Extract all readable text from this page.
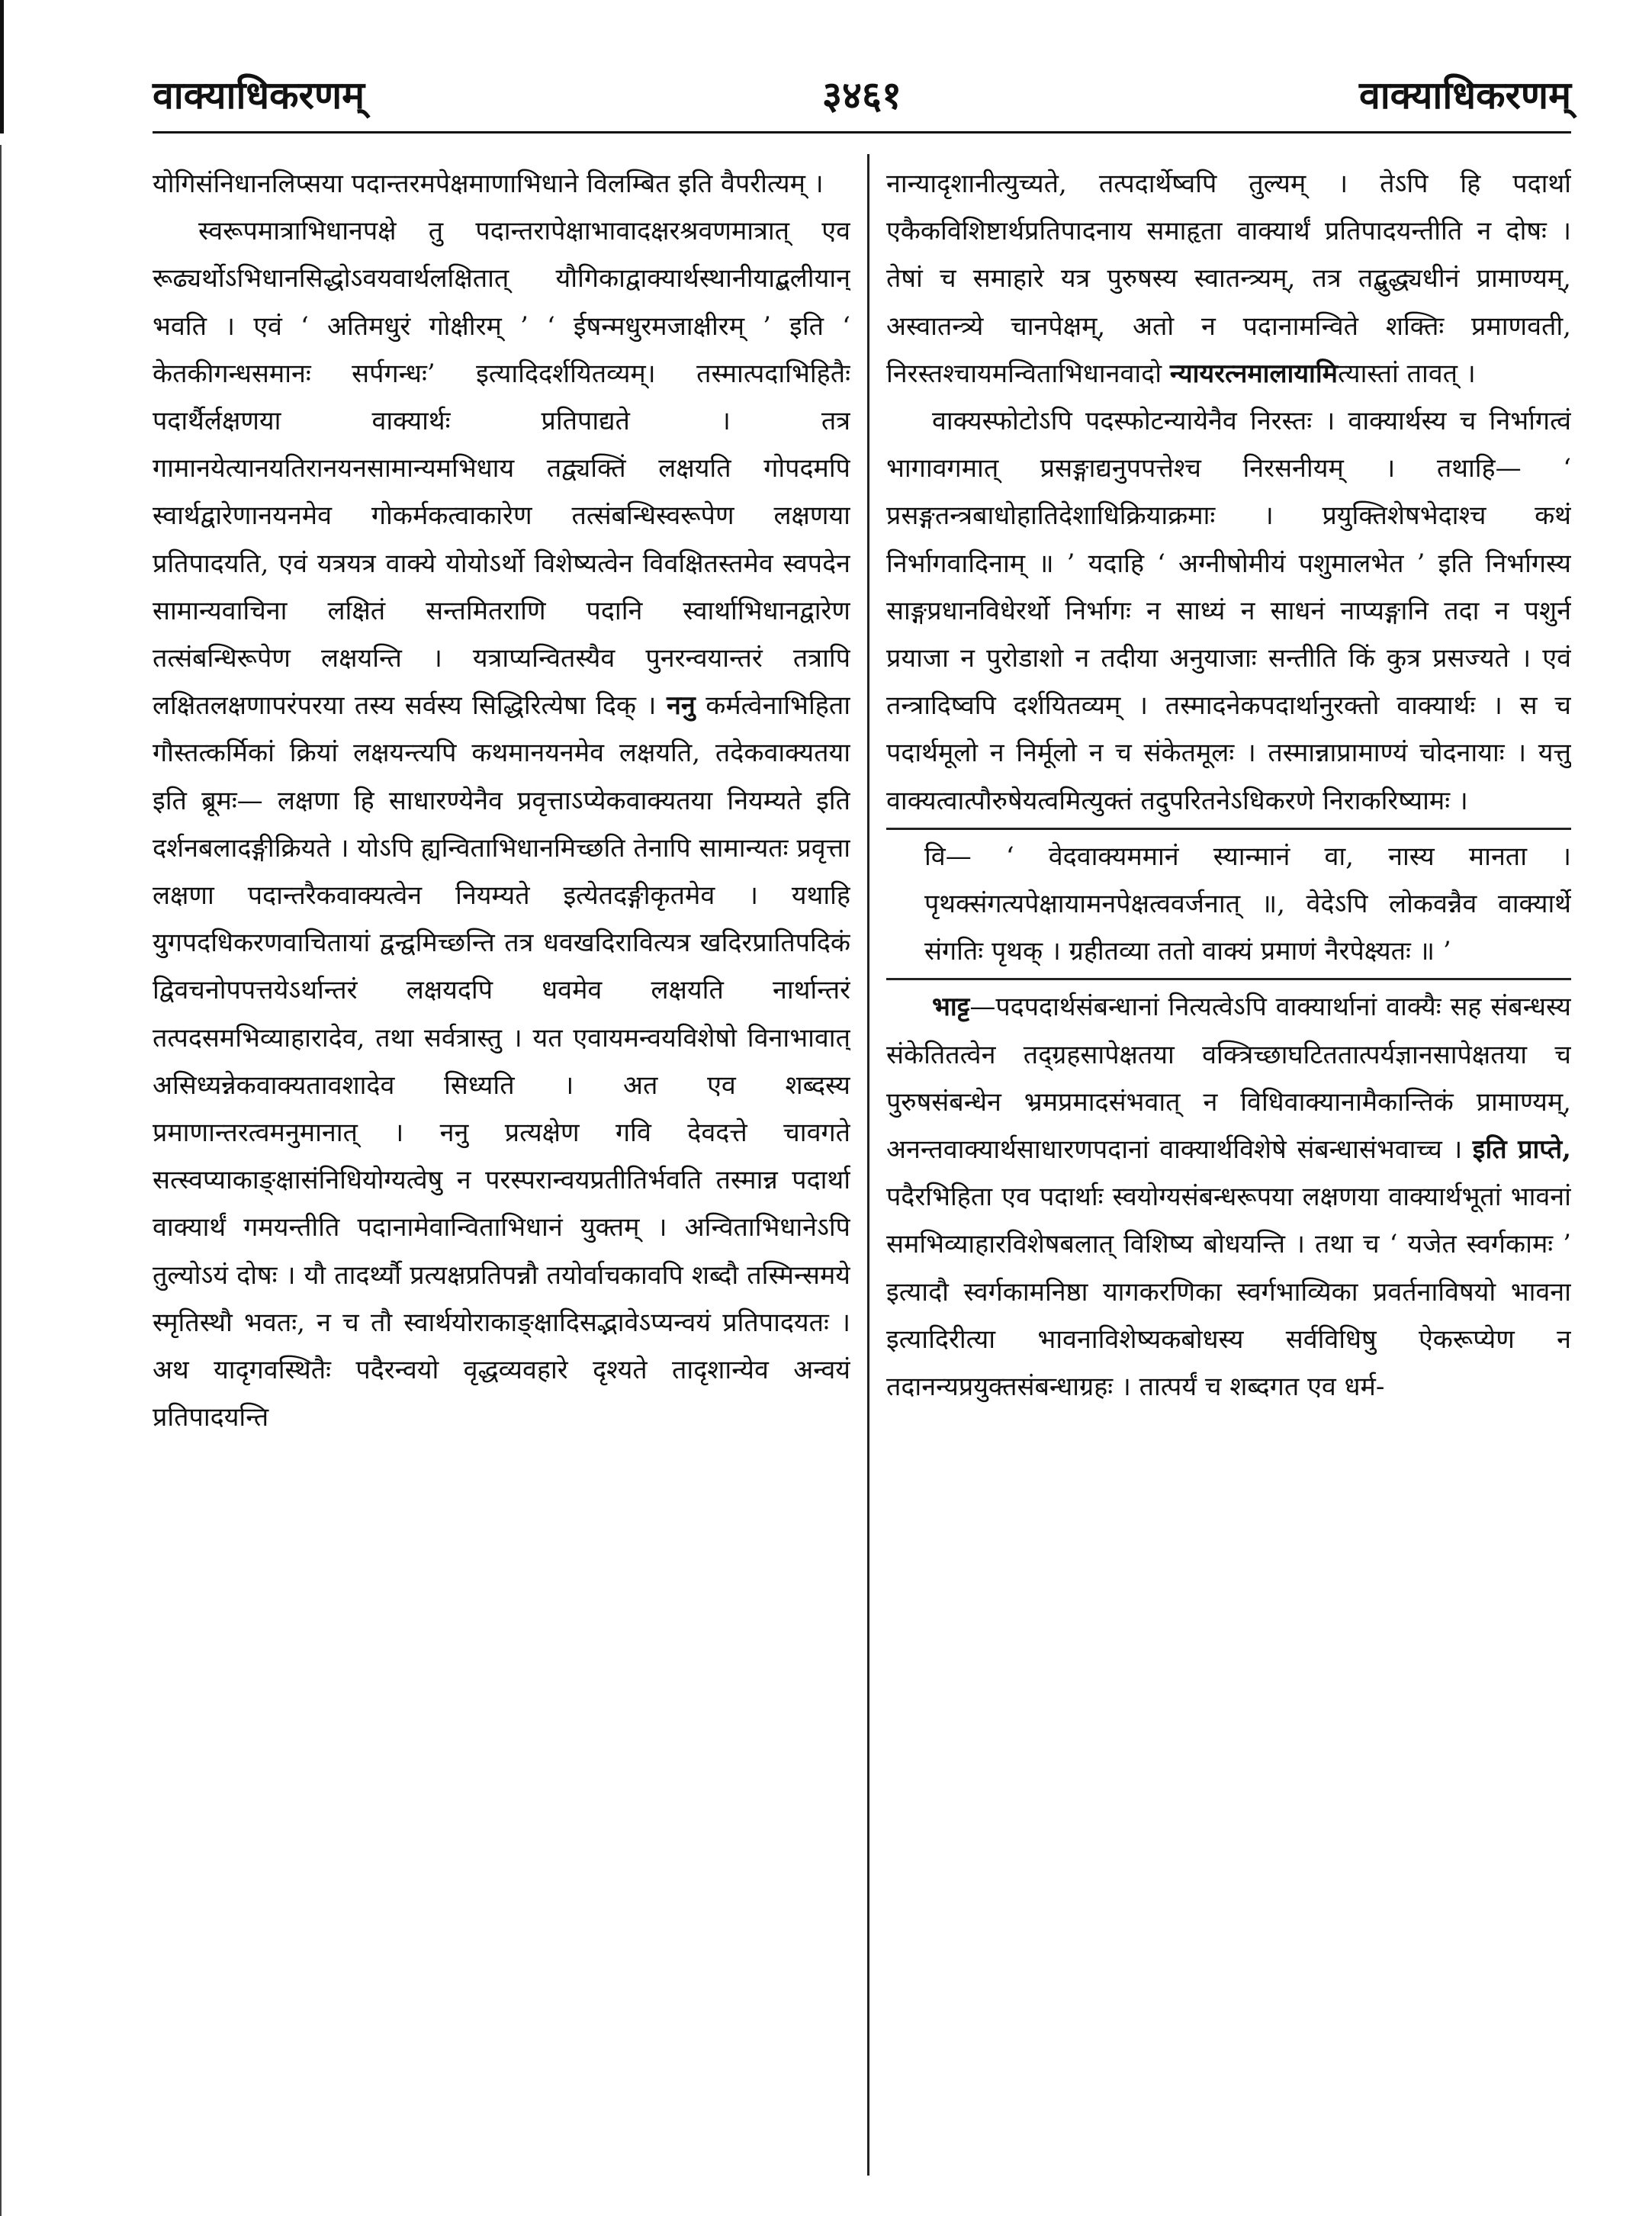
वाक्याधिकरणम्	३४६१	वाक्याधिकरणम्

योगिसंनिधानलिप्सया पदान्तरमपेक्षमाणाभिधाने विलम्बित इति वैपरीत्यम् ।

स्वरूपमात्राभिधानपक्षे तु पदान्तरापेक्षाभावादक्षरश्रवणमात्रात् एव रूढ्यर्थोऽभिधानसिद्धोऽवयवार्थलक्षितात् यौगिकाद्वाक्यार्थस्थानीयाद्बलीयान् भवति । एवं ‘ अतिमधुरं गोक्षीरम् ’ ‘ ईषन्मधुरमजाक्षीरम् ’ इति ‘ केतकीगन्धसमानः सर्पगन्धः’ इत्यादिदर्शयितव्यम्। तस्मात्पदाभिहितैः पदार्थैर्लक्षणया वाक्यार्थः प्रतिपाद्यते । तत्र गामानयेत्यानयतिरानयनसामान्यमभिधाय तद्व्यक्तिं लक्षयति गोपदमपि स्वार्थद्वारेणानयनमेव गोकर्मकत्वाकारेण तत्संबन्धिस्वरूपेण लक्षणया प्रतिपादयति, एवं यत्रयत्र वाक्ये योयोऽर्थो विशेष्यत्वेन विवक्षितस्तमेव स्वपदेन सामान्यवाचिना लक्षितं सन्तमितराणि पदानि स्वार्थाभिधानद्वारेण तत्संबन्धिरूपेण लक्षयन्ति । यत्राप्यन्वितस्यैव पुनरन्वयान्तरं तत्रापि लक्षितलक्षणापरंपरया तस्य सर्वस्य सिद्धिरित्येषा दिक् । ननु कर्मत्वेनाभिहिता गौस्तत्कर्मिकां क्रियां लक्षयन्त्यपि कथमानयनमेव लक्षयति, तदेकवाक्यतया इति ब्रूमः— लक्षणा हि साधारण्येनैव प्रवृत्ताऽप्येकवाक्यतया नियम्यते इति दर्शनबलादङ्गीक्रियते । योऽपि ह्यन्विताभिधानमिच्छति तेनापि सामान्यतः प्रवृत्ता लक्षणा पदान्तरैकवाक्यत्वेन नियम्यते इत्येतदङ्गीकृतमेव । यथाहि युगपदधिकरणवाचितायां द्वन्द्वमिच्छन्ति तत्र धवखदिरावित्यत्र खदिरप्रातिपदिकं द्विवचनोपपत्तयेऽर्थान्तरं लक्षयदपि धवमेव लक्षयति नार्थान्तरं तत्पदसमभिव्याहारादेव, तथा सर्वत्रास्तु । यत एवायमन्वयविशेषो विनाभावात् असिध्यन्नेकवाक्यतावशादेव सिध्यति । अत एव शब्दस्य प्रमाणान्तरत्वमनुमानात् । ननु प्रत्यक्षेण गवि देवदत्ते चावगते सत्स्वप्याकाङ्क्षासंनिधियोग्यत्वेषु न परस्परान्वयप्रतीतिर्भवति तस्मान्न पदार्था वाक्यार्थं गमयन्तीति पदानामेवान्विताभिधानं युक्तम् । अन्विताभिधानेऽपि तुल्योऽयं दोषः । यौ तादर्थ्यौ प्रत्यक्षप्रतिपन्नौ तयोर्वाचकावपि शब्दौ तस्मिन्समये स्मृतिस्थौ भवतः, न च तौ स्वार्थयोराकाङ्क्षादिसद्भावेऽप्यन्वयं प्रतिपादयतः । अथ यादृगवस्थितैः पदैरन्वयो वृद्धव्यवहारे दृश्यते तादृशान्येव अन्वयं प्रतिपादयन्ति

नान्यादृशानीत्युच्यते, तत्पदार्थेष्वपि तुल्यम् । तेऽपि हि पदार्था एकैकविशिष्टार्थप्रतिपादनाय समाहृता वाक्यार्थं प्रतिपादयन्तीति न दोषः । तेषां च समाहारे यत्र पुरुषस्य स्वातन्त्र्यम्, तत्र तद्बुद्ध्यधीनं प्रामाण्यम्, अस्वातन्त्र्ये चानपेक्षम्, अतो न पदानामन्विते शक्तिः प्रमाणवती, निरस्तश्चायमन्विताभिधानवादो न्यायरत्नमालायामित्यास्तां तावत् ।

वाक्यस्फोटोऽपि पदस्फोटन्यायेनैव निरस्तः । वाक्यार्थस्य च निर्भागत्वं भागावगमात् प्रसङ्गाद्यनुपपत्तेश्च निरसनीयम् । तथाहि— ‘ प्रसङ्गतन्त्रबाधोहातिदेशाधिक्रियाक्रमाः । प्रयुक्तिशेषभेदाश्च कथं निर्भागवादिनाम् ॥ ’ यदाहि ‘ अग्नीषोमीयं पशुमालभेत ’ इति निर्भागस्य साङ्गप्रधानविधेरर्थो निर्भागः न साध्यं न साधनं नाप्यङ्गानि तदा न पशुर्न प्रयाजा न पुरोडाशो न तदीया अनुयाजाः सन्तीति किं कुत्र प्रसज्यते । एवं तन्त्रादिष्वपि दर्शयितव्यम् । तस्मादनेकपदार्थानुरक्तो वाक्यार्थः । स च पदार्थमूलो न निर्मूलो न च संकेतमूलः । तस्मान्नाप्रामाण्यं चोदनायाः । यत्तु वाक्यत्वात्पौरुषेयत्वमित्युक्तं तदुपरितनेऽधिकरणे निराकरिष्यामः ।

वि— ‘ वेदवाक्यममानं स्यान्मानं वा, नास्य मानता । पृथक्संगत्यपेक्षायामनपेक्षत्ववर्जनात् ॥, वेदेऽपि लोकवन्नैव वाक्यार्थे संगतिः पृथक् । ग्रहीतव्या ततो वाक्यं प्रमाणं नैरपेक्ष्यतः ॥ ’

भाट्ट—पदपदार्थसंबन्धानां नित्यत्वेऽपि वाक्यार्थानां वाक्यैः सह संबन्धस्य संकेतितत्वेन तद्ग्रहसापेक्षतया वक्त्रिच्छाघटिततात्पर्यज्ञानसापेक्षतया च पुरुषसंबन्धेन भ्रमप्रमादसंभवात् न विधिवाक्यानामैकान्तिकं प्रामाण्यम्, अनन्तवाक्यार्थसाधारणपदानां वाक्यार्थविशेषे संबन्धासंभवाच्च । इति प्राप्ते, पदैरभिहिता एव पदार्थाः स्वयोग्यसंबन्धरूपया लक्षणया वाक्यार्थभूतां भावनां समभिव्याहारविशेषबलात् विशिष्य बोधयन्ति । तथा च ‘ यजेत स्वर्गकामः ’ इत्यादौ स्वर्गकामनिष्ठा यागकरणिका स्वर्गभाव्यिका प्रवर्तनाविषयो भावना इत्यादिरीत्या भावनाविशेष्यकबोधस्य सर्वविधिषु ऐकरूप्येण न तदानन्यप्रयुक्तसंबन्धाग्रहः । तात्पर्यं च शब्दगत एव धर्म-
